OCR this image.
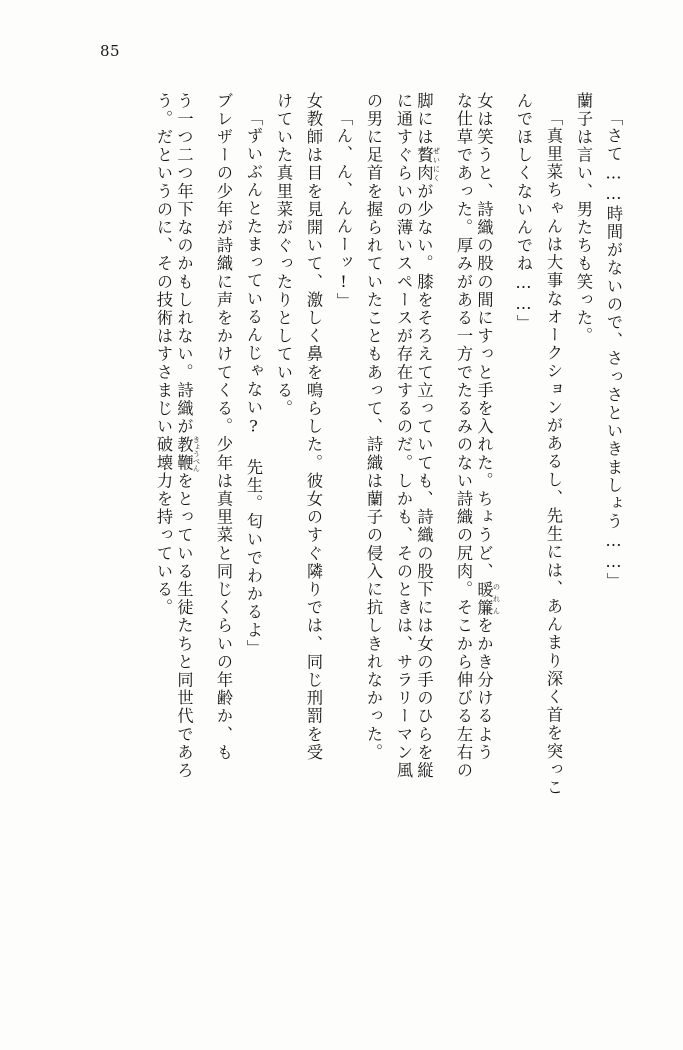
85
「さて……時間がないので、さっさといきましょう……」
蘭子は言い、男たちも笑った。
「真里菜ちゃんは大事なオークションがあるし、先生には、あんまり深く首を突っこ
んでほしくないんでね……」
女は笑うと、詩織の股の間にすっと手を入れた。ちょうど、暖簾 のれんをかき分けるよう
な仕草であった。厚みがある一方でたるみのない詩織の尻肉。そこから伸びる左右の
脚には贅肉 ぜいにくが少ない。膝をそろえて立っていても、詩織の股下には女の手のひらを縦
に通すぐらいの薄いスペースが存在するのだ。しかも、そのときは、サラリーマン風
の男に足首を握られていたこともあって、詩織は蘭子の侵入に抗しきれなかった。
「ん、ん、んんーッ!」
女教師は目を見開いて、激しく鼻を鳴らした。彼女のすぐ隣りでは、同じ刑罰を受
けていた真里菜がぐったりとしている。
「ずいぶんとたまっているんじゃない? 先生。匂いでわかるよ」
ブレザーの少年が詩織に声をかけてくる。少年は真里菜と同じくらいの年齢か、も
う一つ二つ年下なのかもしれない。詩織が教鞭 きょうべんをとっている生徒たちと同世代であろ
う。だというのに、その技術はすさまじい破壊力を持っている。
